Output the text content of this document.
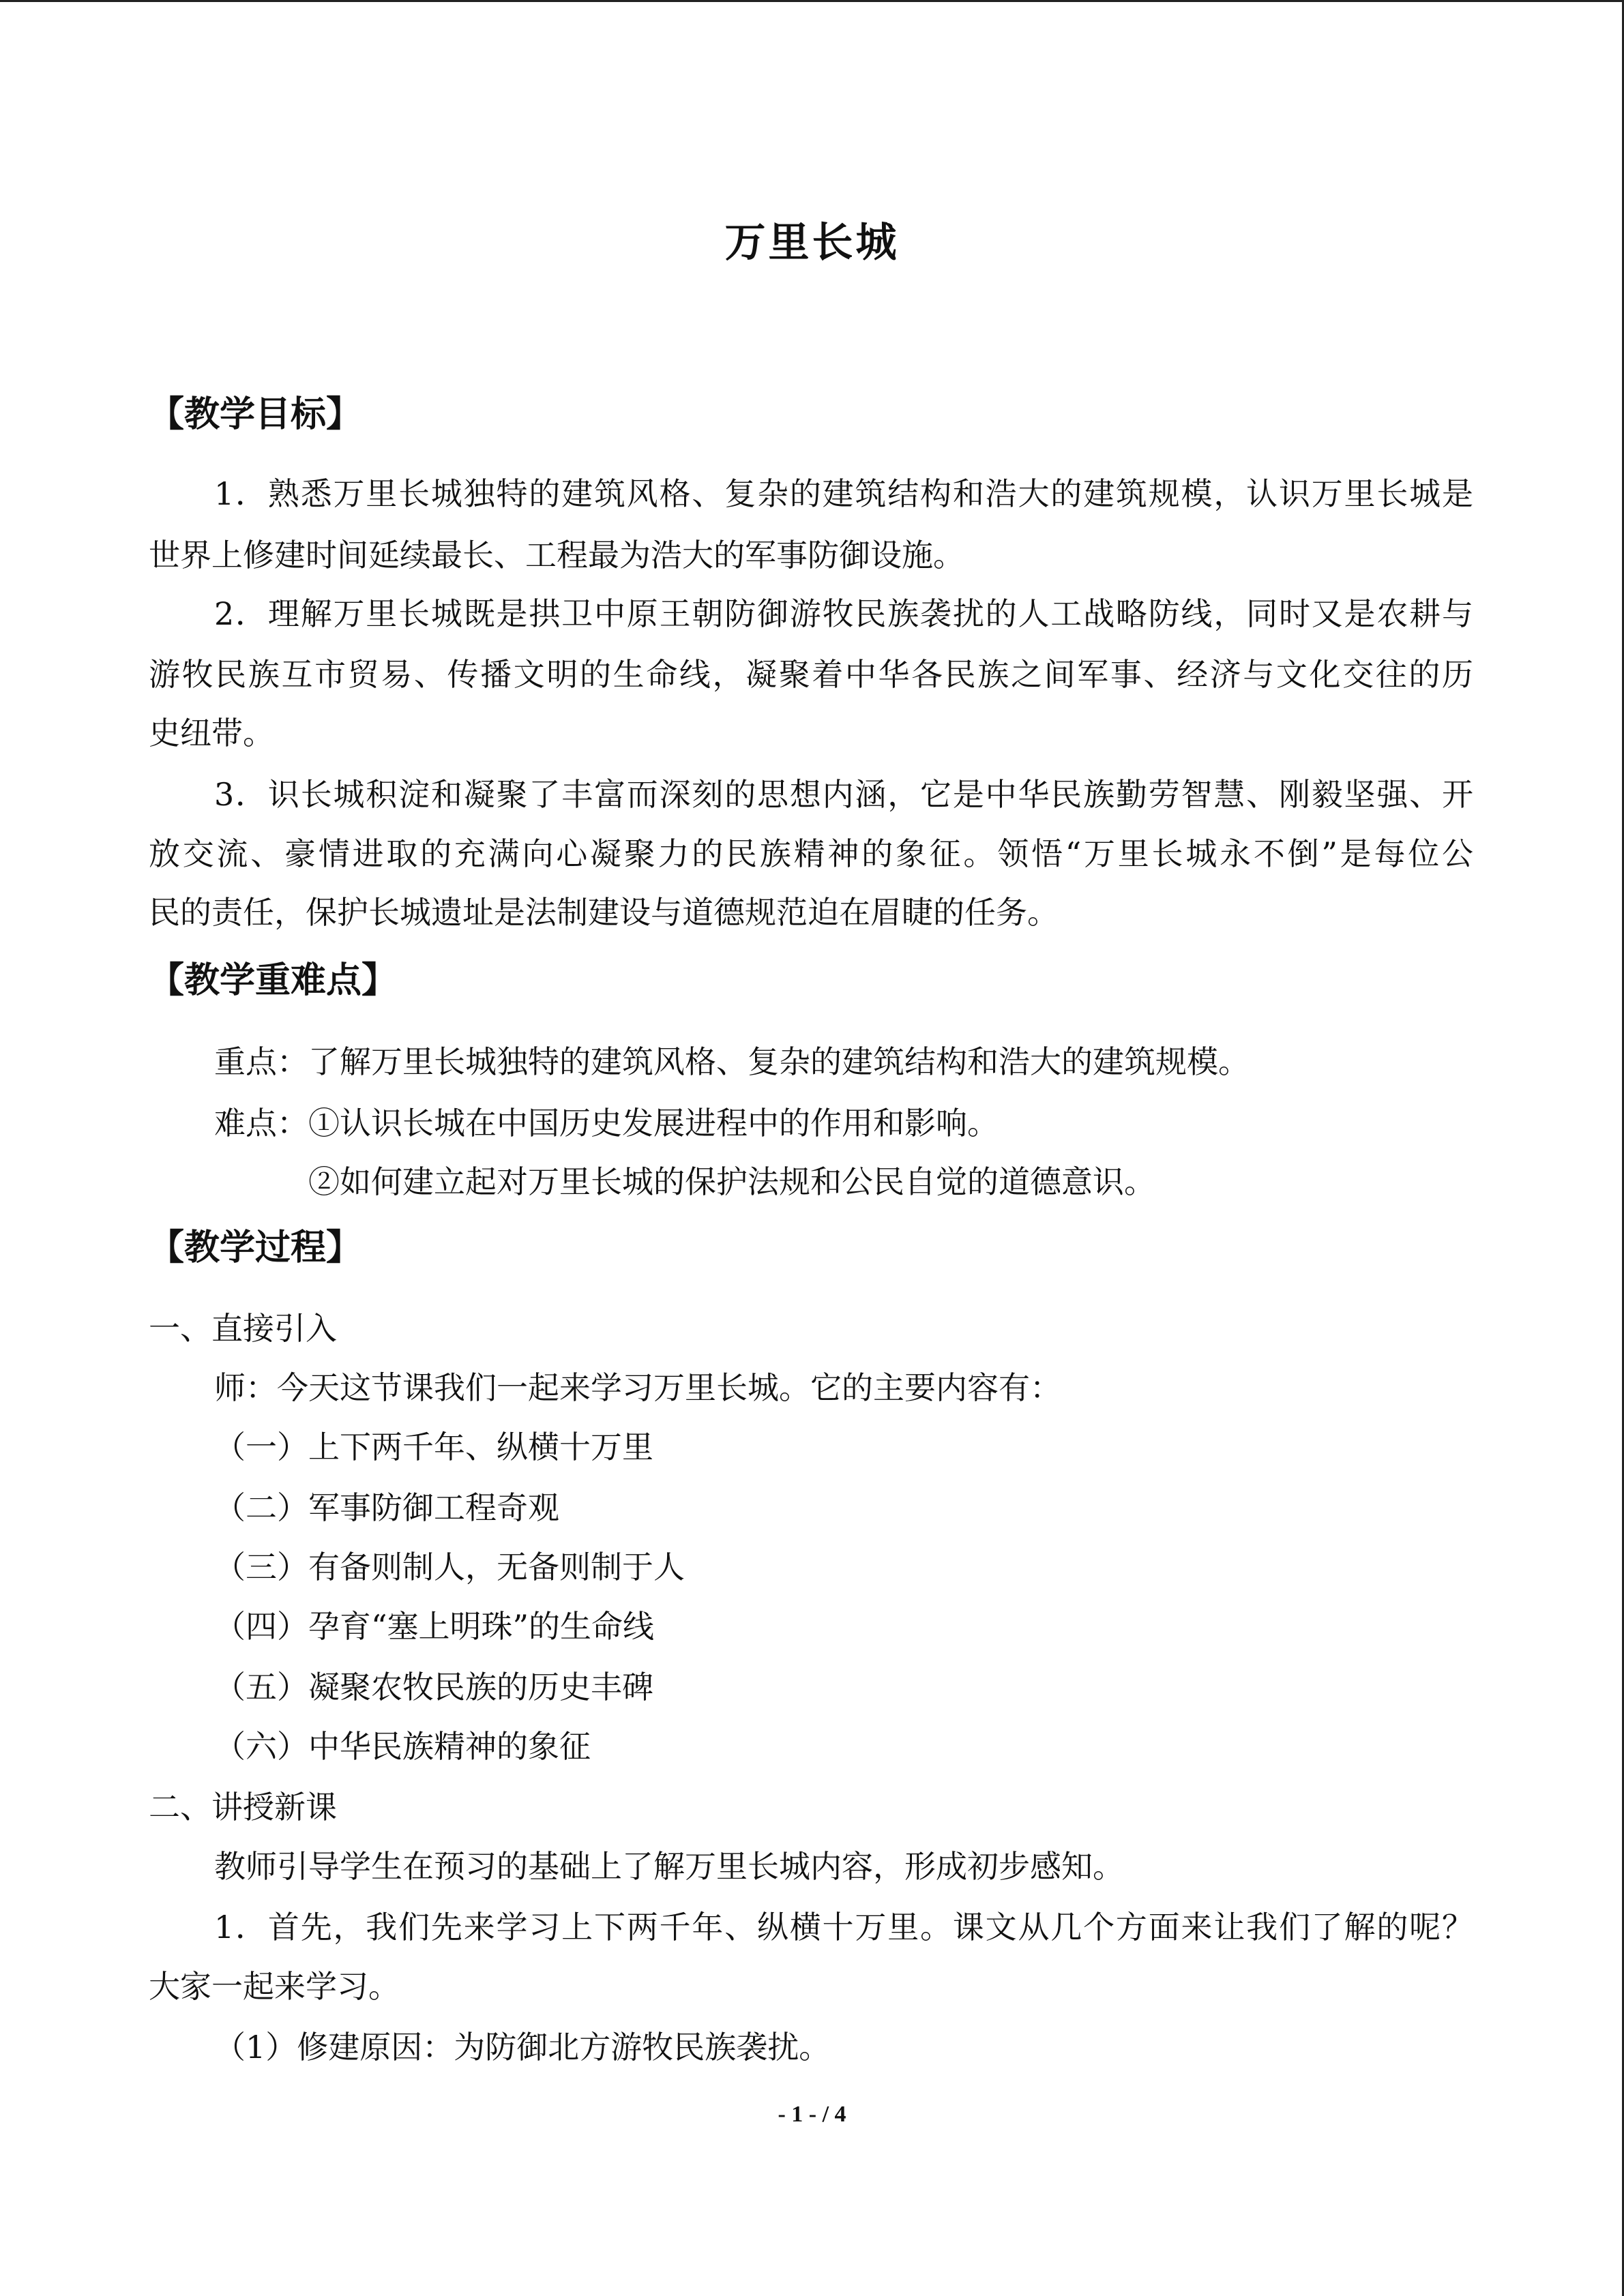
万里长城
【教学目标】
1．熟悉万里长城独特的建筑风格、复杂的建筑结构和浩大的建筑规模，认识万里长城是
世界上修建时间延续最长、工程最为浩大的军事防御设施。
2．理解万里长城既是拱卫中原王朝防御游牧民族袭扰的人工战略防线，同时又是农耕与
游牧民族互市贸易、传播文明的生命线，凝聚着中华各民族之间军事、经济与文化交往的历
史纽带。
3．识长城积淀和凝聚了丰富而深刻的思想内涵，它是中华民族勤劳智慧、刚毅坚强、开
放交流、豪情进取的充满向心凝聚力的民族精神的象征。领悟“万里长城永不倒”是每位公
民的责任，保护长城遗址是法制建设与道德规范迫在眉睫的任务。
【教学重难点】
重点：了解万里长城独特的建筑风格、复杂的建筑结构和浩大的建筑规模。
难点：①认识长城在中国历史发展进程中的作用和影响。
②如何建立起对万里长城的保护法规和公民自觉的道德意识。
【教学过程】
一、直接引入
师：今天这节课我们一起来学习万里长城。它的主要内容有：
（一）上下两千年、纵横十万里
（二）军事防御工程奇观
（三）有备则制人，无备则制于人
（四）孕育“塞上明珠”的生命线
（五）凝聚农牧民族的历史丰碑
（六）中华民族精神的象征
二、讲授新课
教师引导学生在预习的基础上了解万里长城内容，形成初步感知。
1．首先，我们先来学习上下两千年、纵横十万里。课文从几个方面来让我们了解的呢？
大家一起来学习。
（1）修建原因：为防御北方游牧民族袭扰。
- 1 - / 4
